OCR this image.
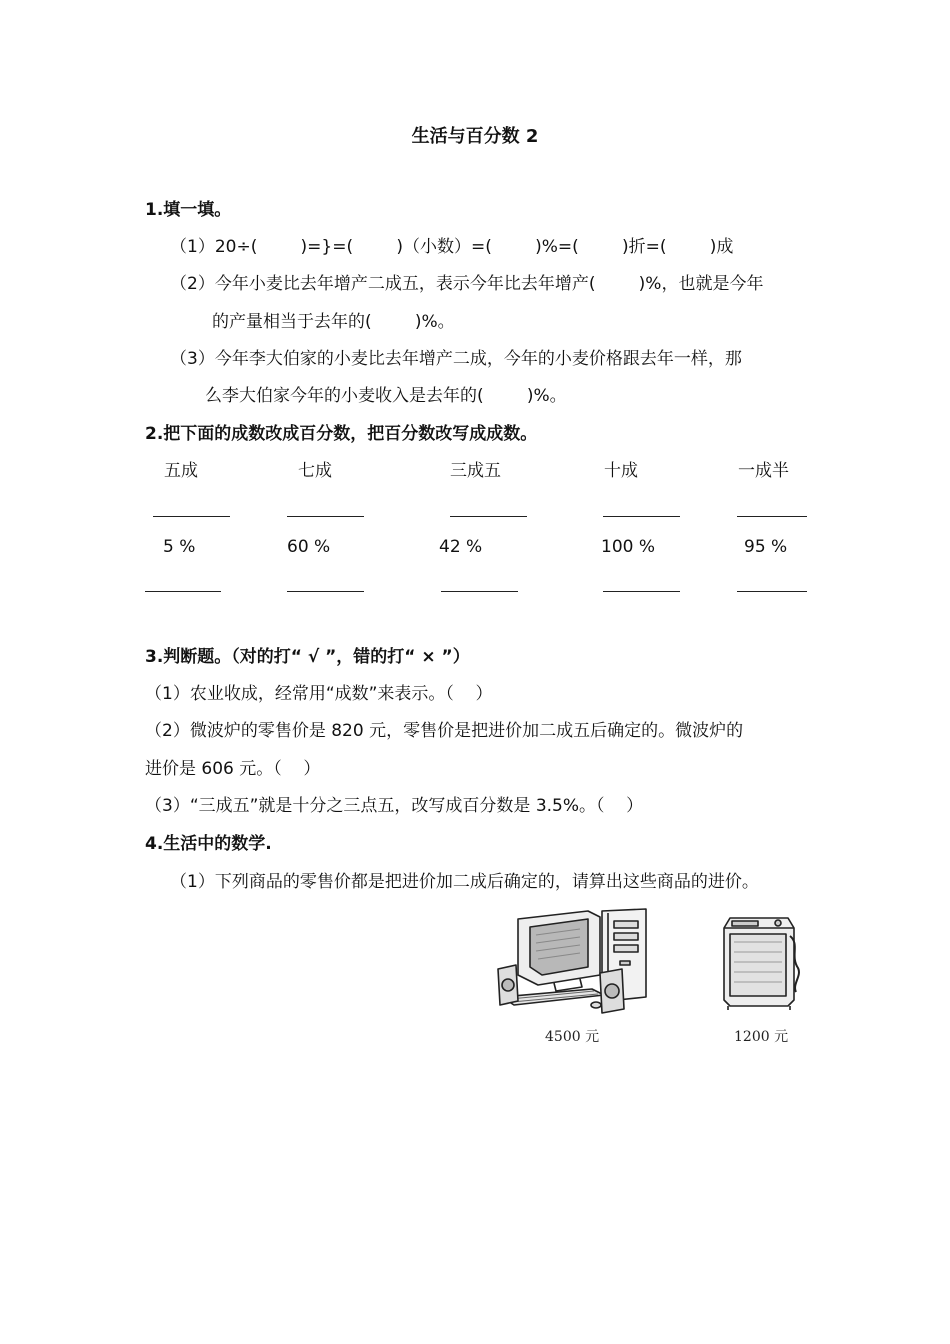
生活与百分数 2
1.填一填。
（1）20÷(        )=}=(        )（小数）=(        )%=(        )折=(        )成
（2）今年小麦比去年增产二成五，表示今年比去年增产(        )%，也就是今年
的产量相当于去年的(        )%。
（3）今年李大伯家的小麦比去年增产二成，今年的小麦价格跟去年一样，那
么李大伯家今年的小麦收入是去年的(        )%。
2.把下面的成数改成百分数，把百分数改写成成数。
五成	七成	三成五	十成	一成半
5 %	60 %	42 %	100 %	95 %
3.判断题。（对的打“ √ ”，错的打“ × ”）
（1）农业收成，经常用“成数”来表示。（    ）
（2）微波炉的零售价是 820 元，零售价是把进价加二成五后确定的。微波炉的
进价是 606 元。（    ）
（3）“三成五”就是十分之三点五，改写成百分数是 3.5%。（    ）
4.生活中的数学.
（1）下列商品的零售价都是把进价加二成后确定的，请算出这些商品的进价。
4500 元	1200 元
